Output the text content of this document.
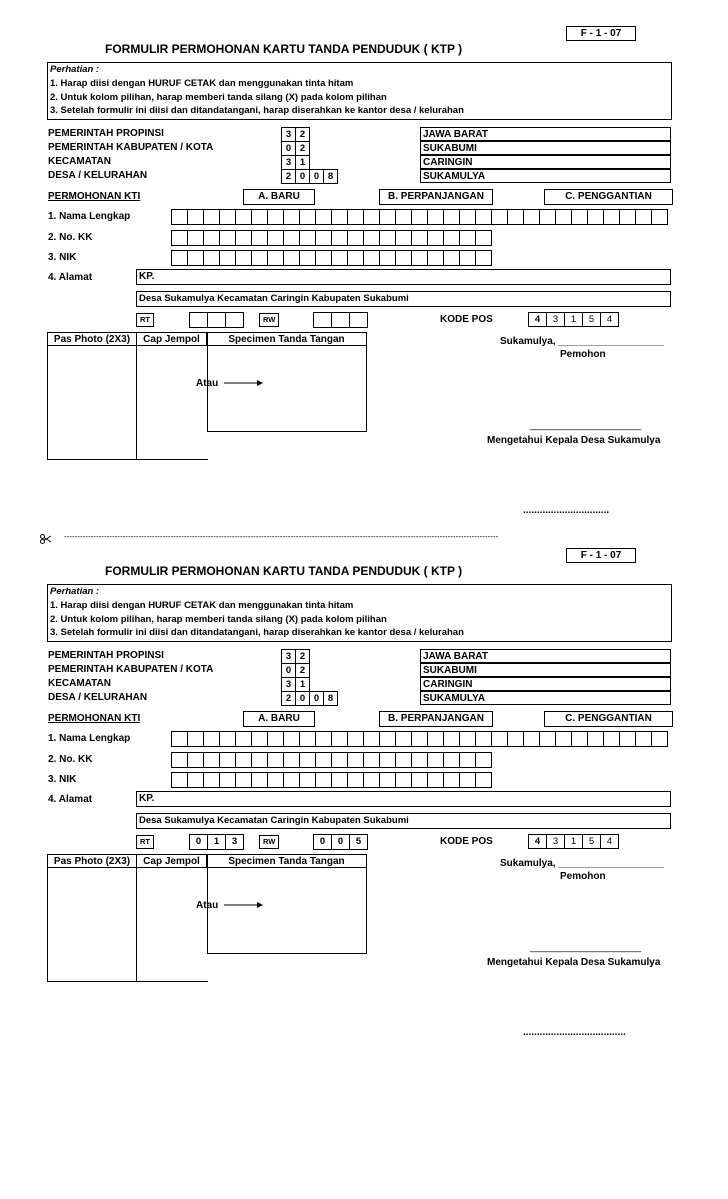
F - 1 - 07
FORMULIR PERMOHONAN KARTU TANDA PENDUDUK ( KTP )
Perhatian :
1. Harap diisi dengan HURUF CETAK dan menggunakan tinta hitam
2. Untuk kolom pilihan, harap memberi tanda silang (X) pada kolom pilihan
3. Setelah formulir ini diisi dan ditandatangani, harap diserahkan ke kantor desa / kelurahan
PEMERINTAH PROPINSI	3 2	JAWA BARAT
PEMERINTAH KABUPATEN / KOTA	0 2	SUKABUMI
KECAMATAN	3 1	CARINGIN
DESA / KELURAHAN	2 0 0 8	SUKAMULYA
PERMOHONAN KTI	A. BARU	B. PERPANJANGAN	C. PENGGANTIAN
1. Nama Lengkap
2. No. KK
3. NIK
4. Alamat	KP.
Desa Sukamulya Kecamatan Caringin Kabupaten Sukabumi
RT	RW	KODE POS	4	3	1	5	4
Pas Photo (2X3)	Cap Jempol	Specimen Tanda Tangan
Atau
Sukamulya, ___________________
Pemohon
____________________
Mengetahui Kepala Desa Sukamulya
...............................
-------------------------------------------------------------------------------------------------------------------------------------------------------------------
F - 1 - 07
FORMULIR PERMOHONAN KARTU TANDA PENDUDUK ( KTP )
Perhatian :
1. Harap diisi dengan HURUF CETAK dan menggunakan tinta hitam
2. Untuk kolom pilihan, harap memberi tanda silang (X) pada kolom pilihan
3. Setelah formulir ini diisi dan ditandatangani, harap diserahkan ke kantor desa / kelurahan
PEMERINTAH PROPINSI	3 2	JAWA BARAT
PEMERINTAH KABUPATEN / KOTA	0 2	SUKABUMI
KECAMATAN	3 1	CARINGIN
DESA / KELURAHAN	2 0 0 8	SUKAMULYA
PERMOHONAN KTI	A. BARU	B. PERPANJANGAN	C. PENGGANTIAN
1. Nama Lengkap
2. No. KK
3. NIK
4. Alamat	KP.
Desa Sukamulya Kecamatan Caringin Kabupaten Sukabumi
RT	0	1	3	RW	0	0	5	KODE POS	4	3	1	5	4
Pas Photo (2X3)	Cap Jempol	Specimen Tanda Tangan
Atau
Sukamulya, ___________________
Pemohon
____________________
Mengetahui Kepala Desa Sukamulya
.....................................
